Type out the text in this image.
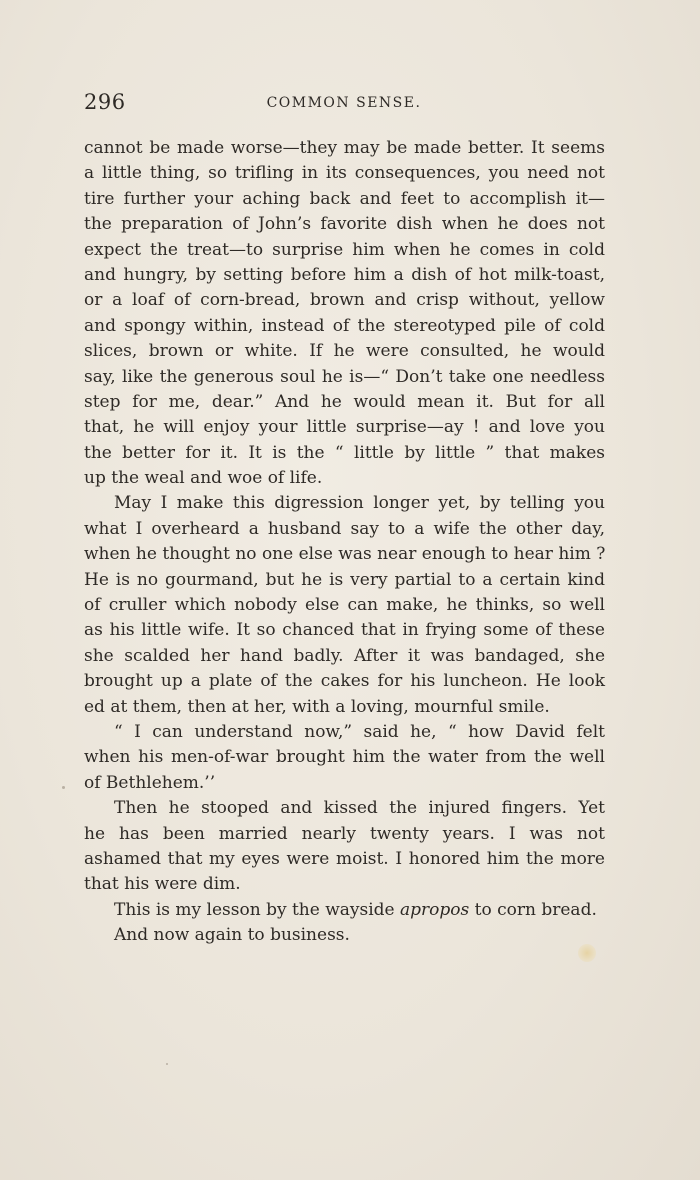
296	COMMON SENSE.
cannot be made worse—they may be made better. It seems
a little thing, so trifling in its consequences, you need not
tire further your aching back and feet to accomplish it—
the preparation of John’s favorite dish when he does not
expect the treat—to surprise him when he comes in cold
and hungry, by setting before him a dish of hot milk-toast,
or a loaf of corn-bread, brown and crisp without, yellow
and spongy within, instead of the stereotyped pile of cold
slices, brown or white. If he were consulted, he would
say, like the generous soul he is—“ Don’t take one needless
step for me, dear.” And he would mean it. But for all
that, he will enjoy your little surprise—ay ! and love you
the better for it. It is the “ little by little ” that makes
up the weal and woe of life.
May I make this digression longer yet, by telling you
what I overheard a husband say to a wife the other day,
when he thought no one else was near enough to hear him ?
He is no gourmand, but he is very partial to a certain kind
of cruller which nobody else can make, he thinks, so well
as his little wife. It so chanced that in frying some of these
she scalded her hand badly. After it was bandaged, she
brought up a plate of the cakes for his luncheon. He look
ed at them, then at her, with a loving, mournful smile.
“ I can understand now,” said he, “ how David felt
when his men-of-war brought him the water from the well
of Bethlehem.’’
Then he stooped and kissed the injured fingers. Yet
he has been married nearly twenty years. I was not
ashamed that my eyes were moist. I honored him the more
that his were dim.
This is my lesson by the wayside apropos to corn bread.
And now again to business.
